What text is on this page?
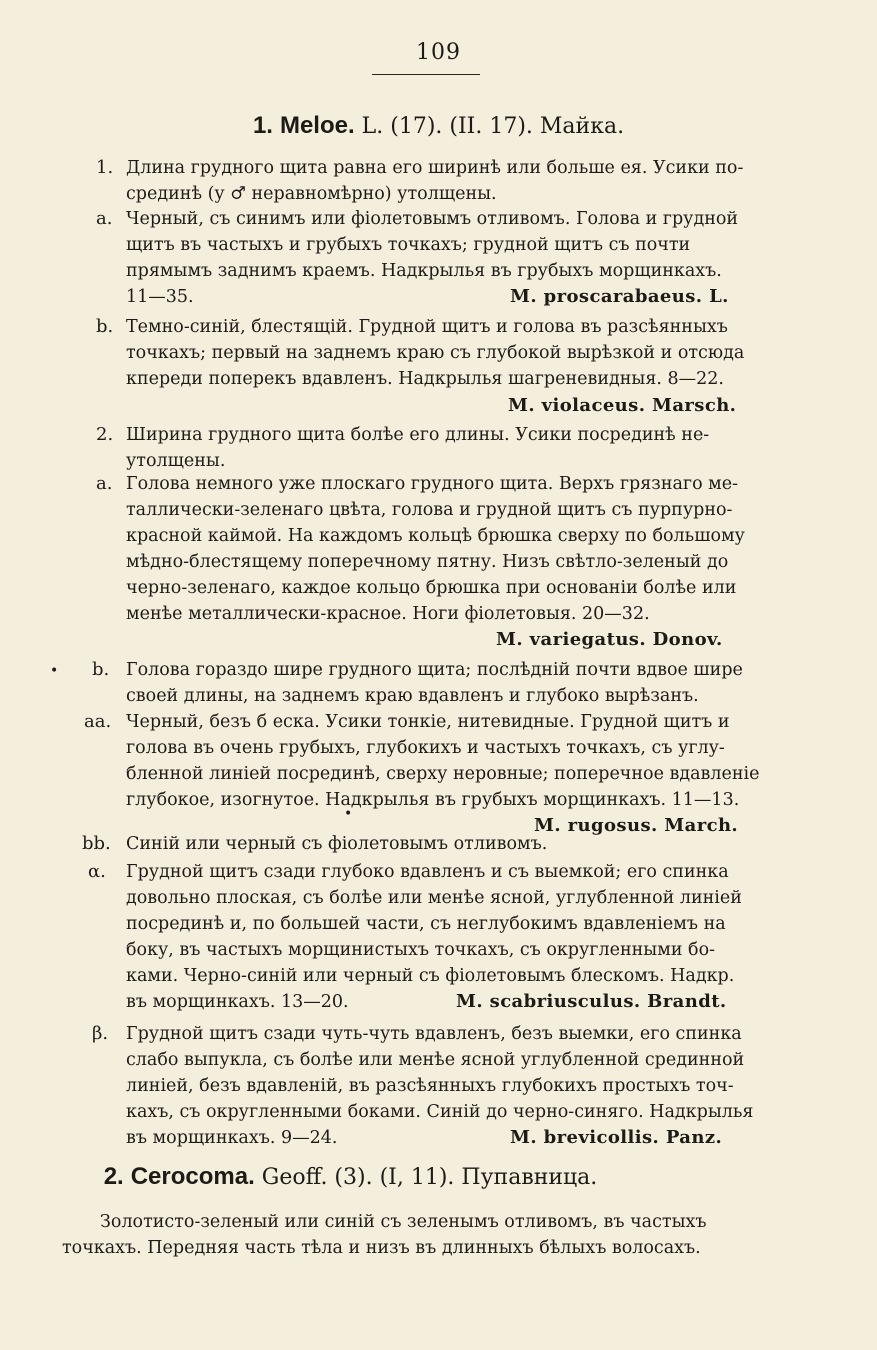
109
1. Meloe. L. (17). (II. 17). Майка.
1. Длина грудного щита равна его ширинѣ или больше ея. Усики по-
срединѣ (у ♂ неравномѣрно) утолщены.
a. Черный, съ синимъ или фіолетовымъ отливомъ. Голова и грудной
щитъ въ частыхъ и грубыхъ точкахъ; грудной щитъ съ почти
прямымъ заднимъ краемъ. Надкрылья въ грубыхъ морщинкахъ.
11—35.	M. proscarabaeus. L.
b. Темно-синій, блестящій. Грудной щитъ и голова въ разсѣянныхъ
точкахъ; первый на заднемъ краю съ глубокой вырѣзкой и отсюда
кпереди поперекъ вдавленъ. Надкрылья шагреневидныя. 8—22.
M. violaceus. Marsch.
2. Ширина грудного щита болѣе его длины. Усики посрединѣ не-
утолщены.
a. Голова немного уже плоскаго грудного щита. Верхъ грязнаго ме-
таллически-зеленаго цвѣта, голова и грудной щитъ съ пурпурно-
красной каймой. На каждомъ кольцѣ брюшка сверху по большому
мѣдно-блестящему поперечному пятну. Низъ свѣтло-зеленый до
черно-зеленаго, каждое кольцо брюшка при основаніи болѣе или
менѣе металлически-красное. Ноги фіолетовыя. 20—32.
M. variegatus. Donov.
b. Голова гораздо шире грудного щита; послѣдній почти вдвое шире
своей длины, на заднемъ краю вдавленъ и глубоко вырѣзанъ.
aa. Черный, безъ б еска. Усики тонкіе, нитевидные. Грудной щитъ и
голова въ очень грубыхъ, глубокихъ и частыхъ точкахъ, съ углу-
бленной линіей посрединѣ, сверху неровные; поперечное вдавленіе
глубокое, изогнутое. Надкрылья въ грубыхъ морщинкахъ. 11—13.
M. rugosus. March.
bb. Синій или черный съ фіолетовымъ отливомъ.
α. Грудной щитъ сзади глубоко вдавленъ и съ выемкой; его спинка
довольно плоская, съ болѣе или менѣе ясной, углубленной линіей
посрединѣ и, по большей части, съ неглубокимъ вдавленіемъ на
боку, въ частыхъ морщинистыхъ точкахъ, съ округленными бо-
ками. Черно-синій или черный съ фіолетовымъ блескомъ. Надкр.
въ морщинкахъ. 13—20.	M. scabriusculus. Brandt.
β. Грудной щитъ сзади чуть-чуть вдавленъ, безъ выемки, его спинка
слабо выпукла, съ болѣе или менѣе ясной углубленной срединной
линіей, безъ вдавленій, въ разсѣянныхъ глубокихъ простыхъ точ-
кахъ, съ округленными боками. Синій до черно-синяго. Надкрылья
въ морщинкахъ. 9—24.	M. brevicollis. Panz.
•
•
2. Cerocoma. Geoff. (3). (I, 11). Пупавница.
Золотисто-зеленый или синій съ зеленымъ отливомъ, въ частыхъ
точкахъ. Передняя часть тѣла и низъ въ длинныхъ бѣлыхъ волосахъ.
